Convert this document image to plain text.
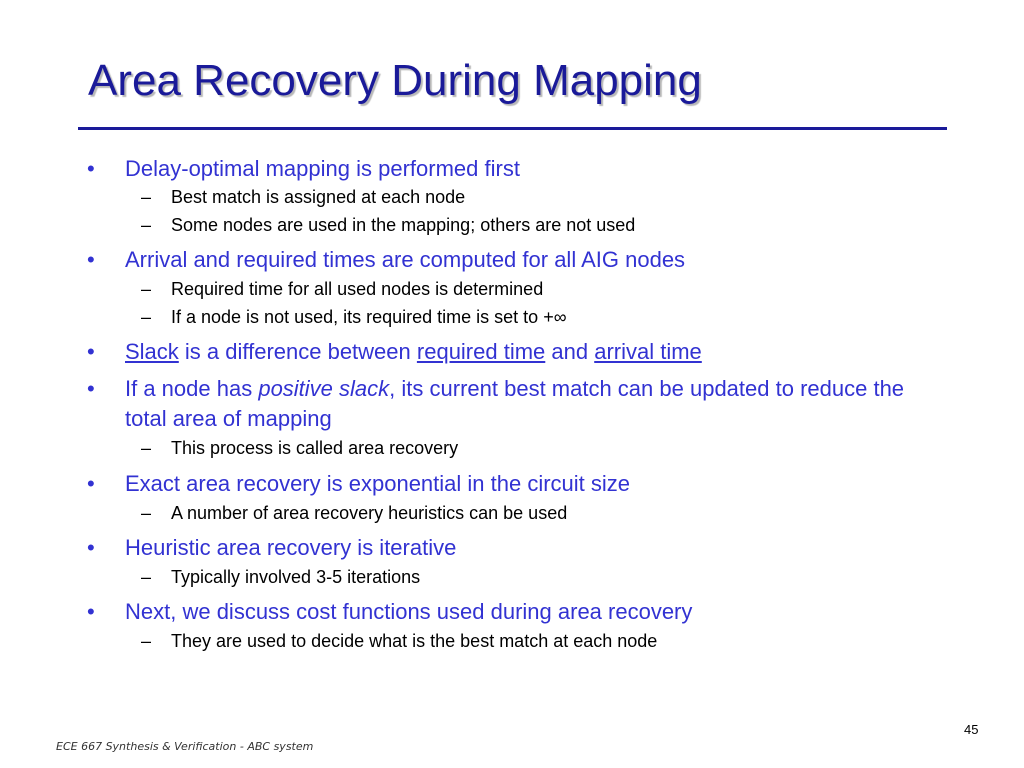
Area Recovery During Mapping
• Delay-optimal mapping is performed first
– Best match is assigned at each node
– Some nodes are used in the mapping; others are not used
• Arrival and required times are computed for all AIG nodes
– Required time for all used nodes is determined
– If a node is not used, its required time is set to +∞
• Slack is a difference between required time and arrival time
• If a node has positive slack, its current best match can be updated to reduce the total area of mapping
– This process is called area recovery
• Exact area recovery is exponential in the circuit size
– A number of area recovery heuristics can be used
• Heuristic area recovery is iterative
– Typically involved 3-5 iterations
• Next, we discuss cost functions used during area recovery
– They are used to decide what is the best match at each node
45
ECE 667 Synthesis & Verification - ABC system
